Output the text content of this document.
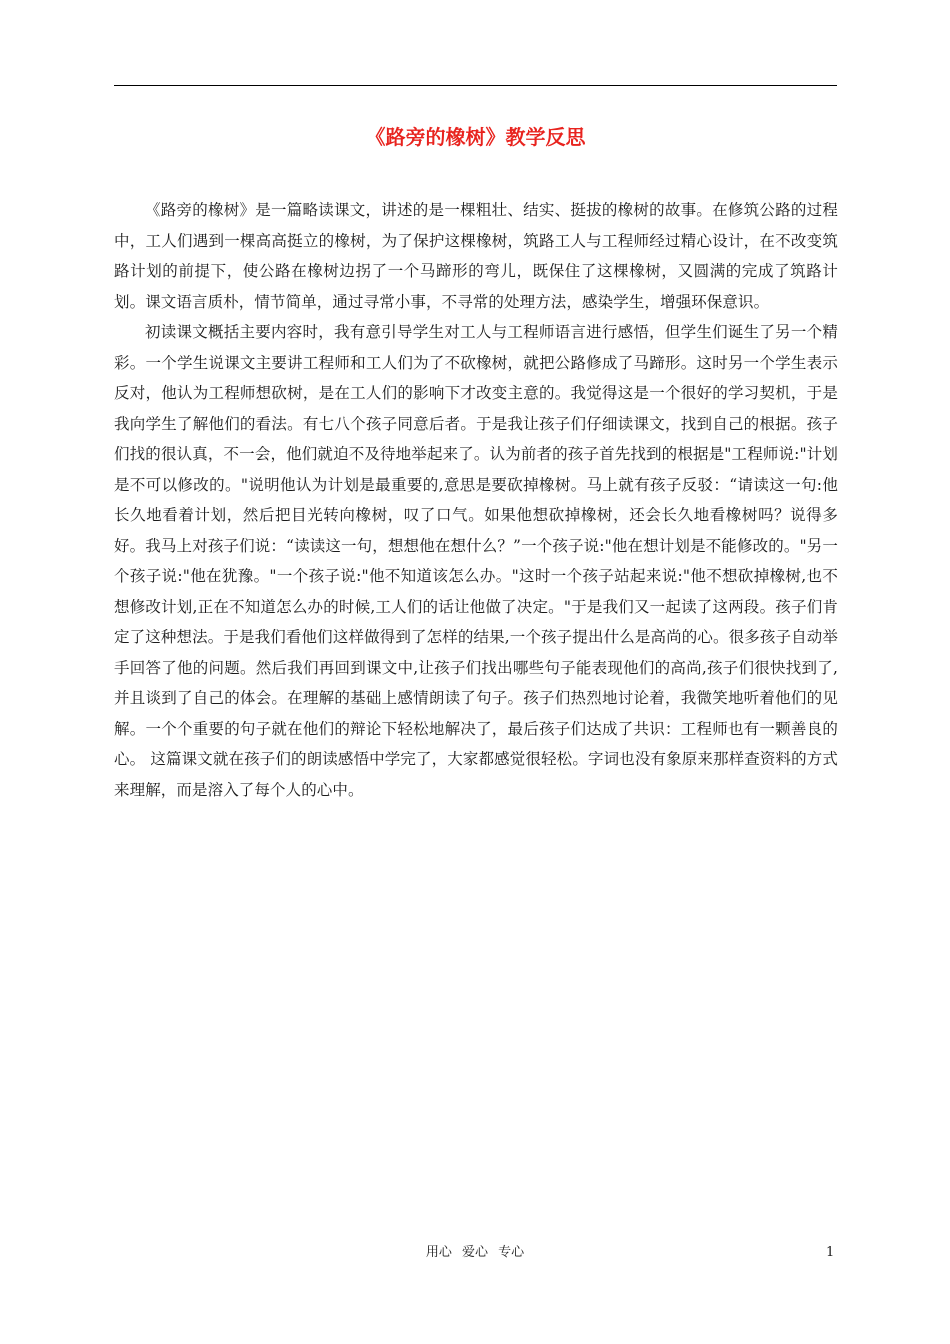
《路旁的橡树》教学反思

《路旁的橡树》是一篇略读课文，讲述的是一棵粗壮、结实、挺拔的橡树的故事。在修筑公路的过程中，工人们遇到一棵高高挺立的橡树，为了保护这棵橡树，筑路工人与工程师经过精心设计，在不改变筑路计划的前提下，使公路在橡树边拐了一个马蹄形的弯儿，既保住了这棵橡树，又圆满的完成了筑路计划。课文语言质朴，情节简单，通过寻常小事，不寻常的处理方法，感染学生，增强环保意识。

初读课文概括主要内容时，我有意引导学生对工人与工程师语言进行感悟，但学生们诞生了另一个精彩。一个学生说课文主要讲工程师和工人们为了不砍橡树，就把公路修成了马蹄形。这时另一个学生表示反对，他认为工程师想砍树，是在工人们的影响下才改变主意的。我觉得这是一个很好的学习契机，于是我向学生了解他们的看法。有七八个孩子同意后者。于是我让孩子们仔细读课文，找到自己的根据。孩子们找的很认真，不一会，他们就迫不及待地举起来了。认为前者的孩子首先找到的根据是"工程师说:"计划是不可以修改的。"说明他认为计划是最重要的,意思是要砍掉橡树。马上就有孩子反驳：“请读这一句:他长久地看着计划，然后把目光转向橡树，叹了口气。如果他想砍掉橡树，还会长久地看橡树吗？说得多好。我马上对孩子们说：“读读这一句，想想他在想什么？”一个孩子说:"他在想计划是不能修改的。"另一个孩子说:"他在犹豫。"一个孩子说:"他不知道该怎么办。"这时一个孩子站起来说:"他不想砍掉橡树,也不想修改计划,正在不知道怎么办的时候,工人们的话让他做了决定。"于是我们又一起读了这两段。孩子们肯定了这种想法。于是我们看他们这样做得到了怎样的结果,一个孩子提出什么是高尚的心。很多孩子自动举手回答了他的问题。然后我们再回到课文中,让孩子们找出哪些句子能表现他们的高尚,孩子们很快找到了,并且谈到了自己的体会。在理解的基础上感情朗读了句子。孩子们热烈地讨论着，我微笑地听着他们的见解。一个个重要的句子就在他们的辩论下轻松地解决了，最后孩子们达成了共识：工程师也有一颗善良的心。 这篇课文就在孩子们的朗读感悟中学完了，大家都感觉很轻松。字词也没有象原来那样查资料的方式来理解，而是溶入了每个人的心中。

用心 爱心 专心	1
